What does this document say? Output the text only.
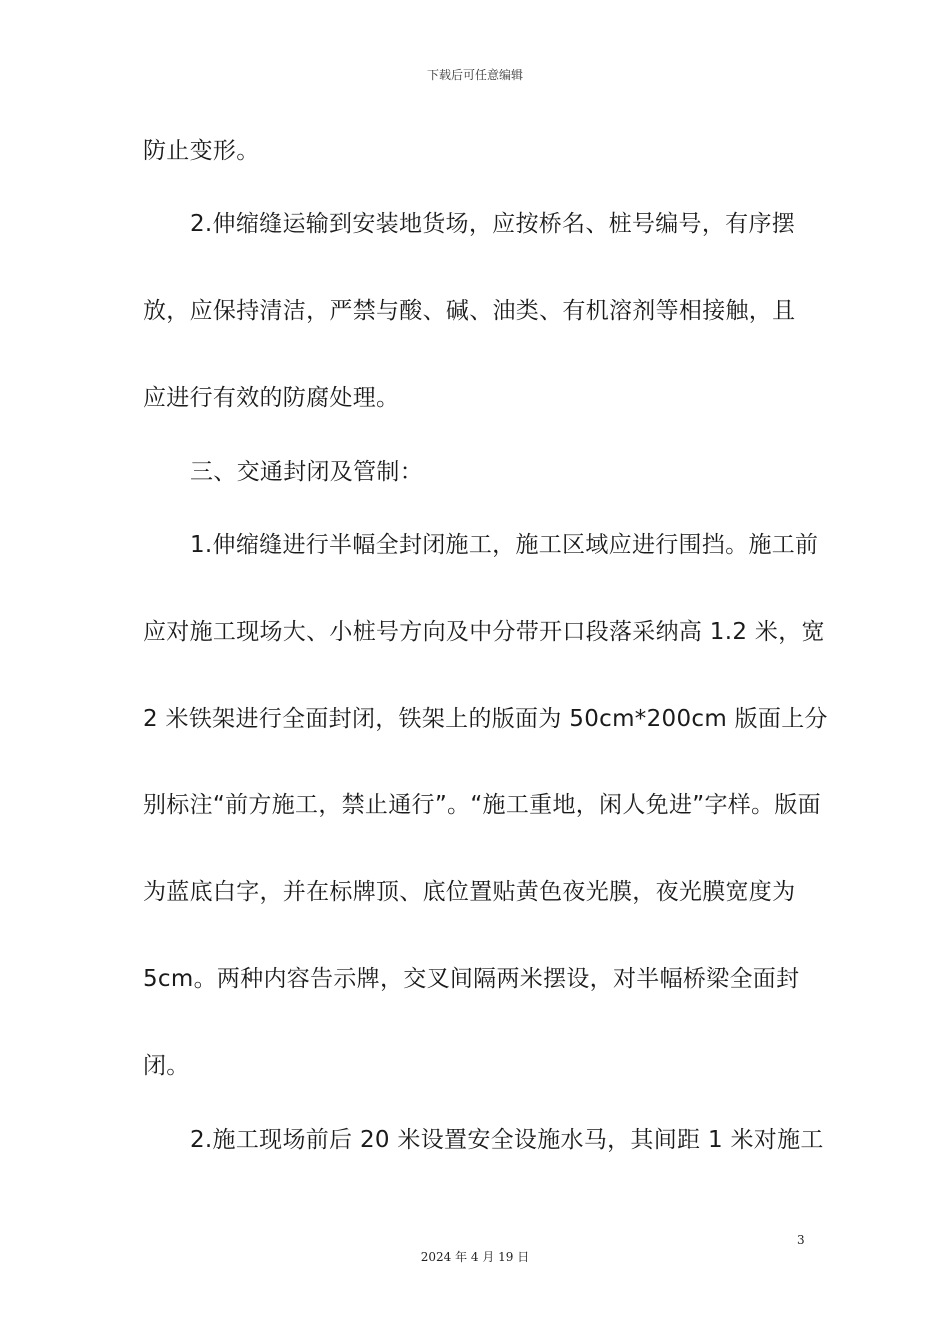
下载后可任意编辑
防止变形。
2.伸缩缝运输到安装地货场，应按桥名、桩号编号，有序摆
放，应保持清洁，严禁与酸、碱、油类、有机溶剂等相接触，且
应进行有效的防腐处理。
三、交通封闭及管制：
1.伸缩缝进行半幅全封闭施工，施工区域应进行围挡。施工前
应对施工现场大、小桩号方向及中分带开口段落采纳高 1.2 米，宽
2 米铁架进行全面封闭，铁架上的版面为 50cm*200cm 版面上分
别标注“前方施工，禁止通行”。“施工重地，闲人免进”字样。版面
为蓝底白字，并在标牌顶、底位置贴黄色夜光膜，夜光膜宽度为
5cm。两种内容告示牌，交叉间隔两米摆设，对半幅桥梁全面封
闭。
2.施工现场前后 20 米设置安全设施水马，其间距 1 米对施工
3
2024 年 4 月 19 日
